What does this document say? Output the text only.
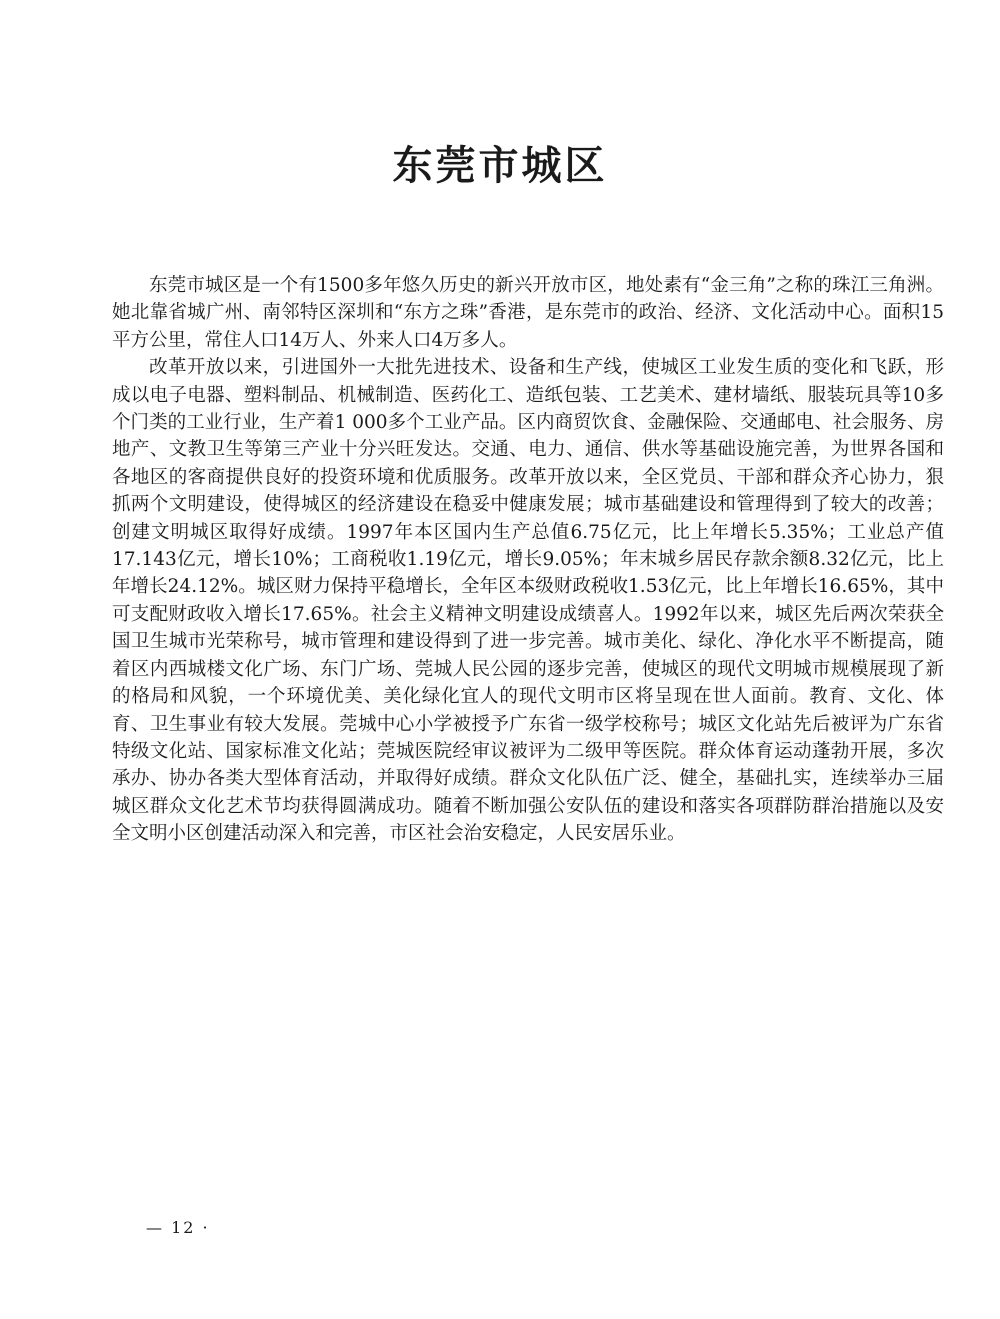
东莞市城区

东莞市城区是一个有1500多年悠久历史的新兴开放市区，地处素有“金三角”之称的珠江三角洲。她北靠省城广州、南邻特区深圳和“东方之珠”香港，是东莞市的政治、经济、文化活动中心。面积15平方公里，常住人口14万人、外来人口4万多人。

改革开放以来，引进国外一大批先进技术、设备和生产线，使城区工业发生质的变化和飞跃，形成以电子电器、塑料制品、机械制造、医药化工、造纸包装、工艺美术、建材墙纸、服装玩具等10多个门类的工业行业，生产着1 000多个工业产品。区内商贸饮食、金融保险、交通邮电、社会服务、房地产、文教卫生等第三产业十分兴旺发达。交通、电力、通信、供水等基础设施完善，为世界各国和各地区的客商提供良好的投资环境和优质服务。改革开放以来，全区党员、干部和群众齐心协力，狠抓两个文明建设，使得城区的经济建设在稳妥中健康发展；城市基础建设和管理得到了较大的改善；创建文明城区取得好成绩。1997年本区国内生产总值6.75亿元，比上年增长5.35%；工业总产值17.143亿元，增长10%；工商税收1.19亿元，增长9.05%；年末城乡居民存款余额8.32亿元，比上年增长24.12%。城区财力保持平稳增长，全年区本级财政税收1.53亿元，比上年增长16.65%，其中可支配财政收入增长17.65%。社会主义精神文明建设成绩喜人。1992年以来，城区先后两次荣获全国卫生城市光荣称号，城市管理和建设得到了进一步完善。城市美化、绿化、净化水平不断提高，随着区内西城楼文化广场、东门广场、莞城人民公园的逐步完善，使城区的现代文明城市规模展现了新的格局和风貌，一个环境优美、美化绿化宜人的现代文明市区将呈现在世人面前。教育、文化、体育、卫生事业有较大发展。莞城中心小学被授予广东省一级学校称号；城区文化站先后被评为广东省特级文化站、国家标准文化站；莞城医院经审议被评为二级甲等医院。群众体育运动蓬勃开展，多次承办、协办各类大型体育活动，并取得好成绩。群众文化队伍广泛、健全，基础扎实，连续举办三届城区群众文化艺术节均获得圆满成功。随着不断加强公安队伍的建设和落实各项群防群治措施以及安全文明小区创建活动深入和完善，市区社会治安稳定，人民安居乐业。

— 12 ·
